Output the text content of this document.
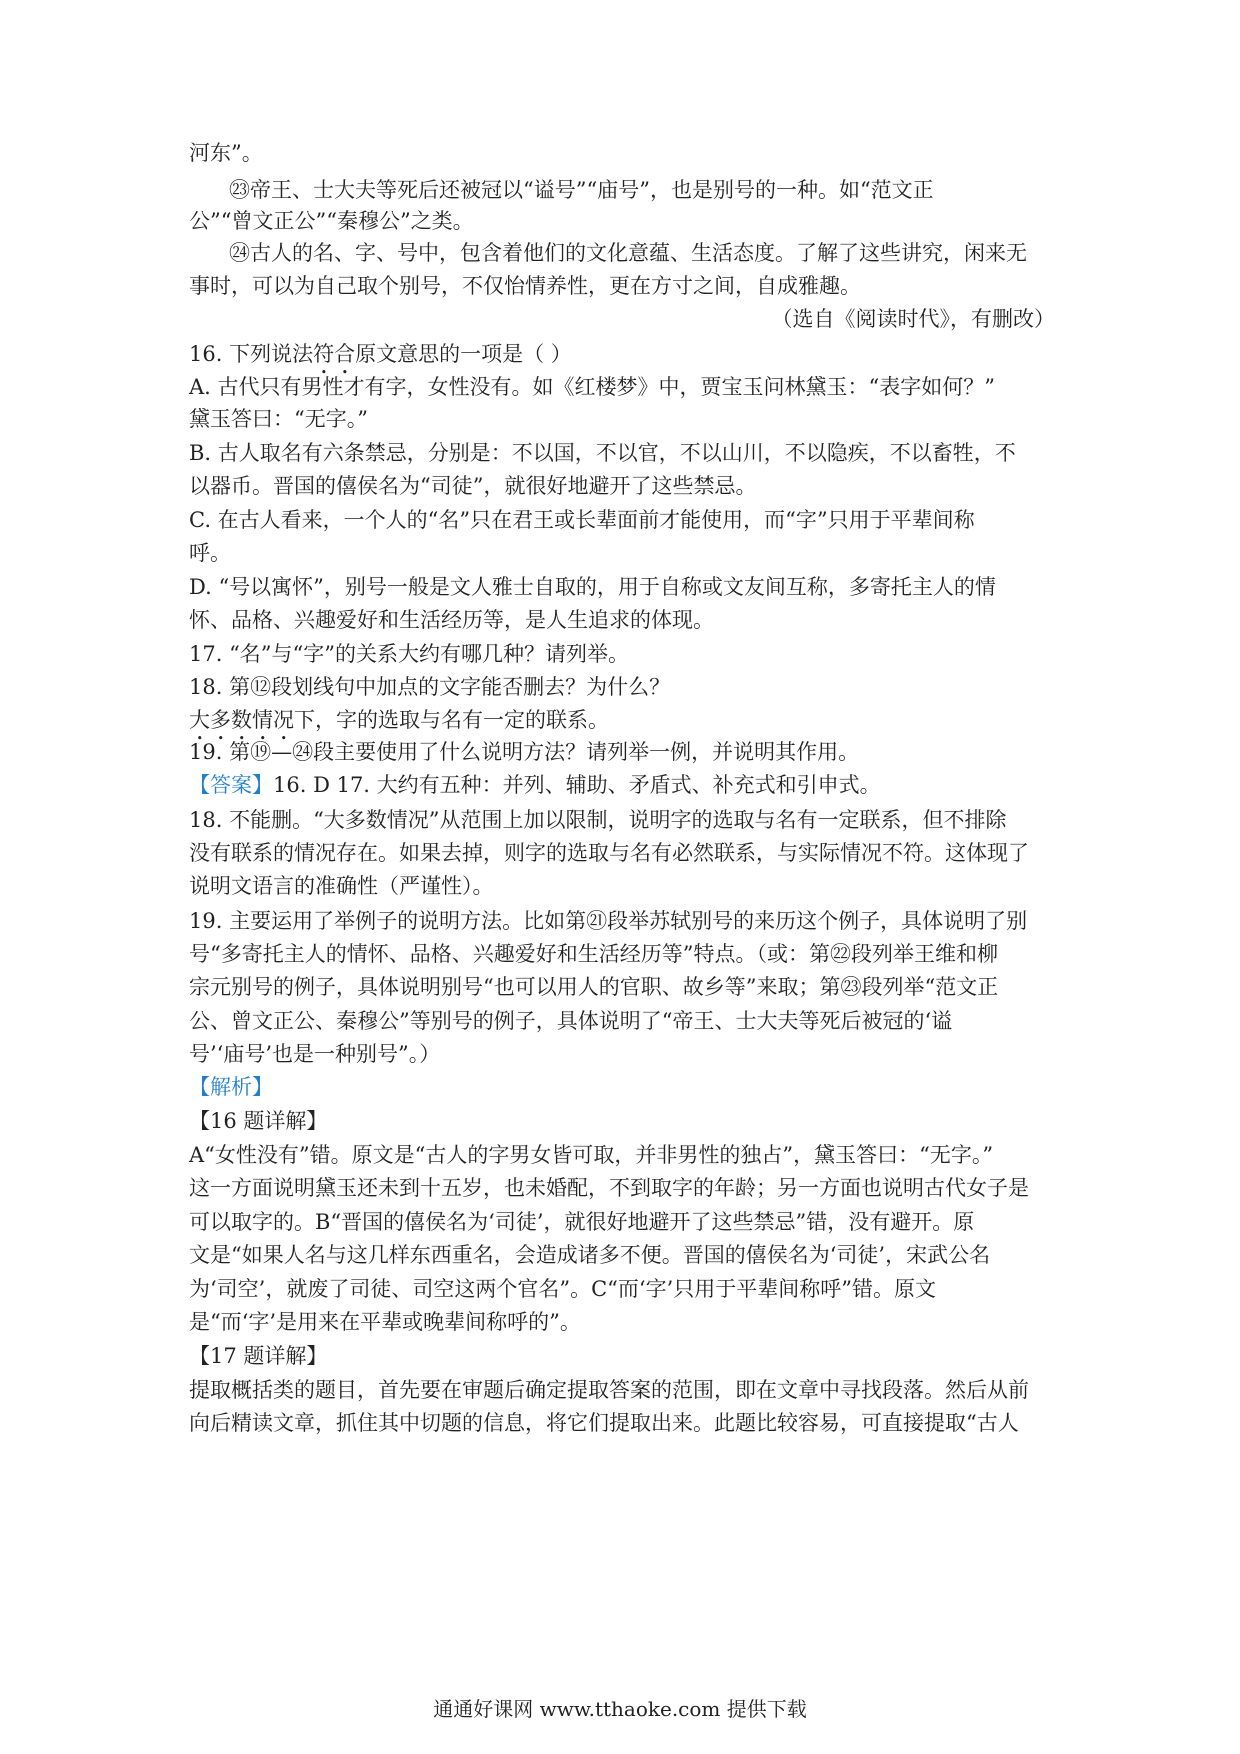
河东”。
㉓帝王、士大夫等死后还被冠以“谥号”“庙号”，也是别号的一种。如“范文正
公”“曾文正公”“秦穆公”之类。
㉔古人的名、字、号中，包含着他们的文化意蕴、生活态度。了解了这些讲究，闲来无
事时，可以为自己取个别号，不仅怡情养性，更在方寸之间，自成雅趣。
（选自《阅读时代》，有删改）
16. 下列说法符合原文意思的一项是（ ）
A. 古代只有男性才有字，女性没有。如《红楼梦》中，贾宝玉问林黛玉：“表字如何？”
黛玉答曰：“无字。”
B. 古人取名有六条禁忌，分别是：不以国，不以官，不以山川，不以隐疾，不以畜牲，不
以器币。晋国的僖侯名为“司徒”，就很好地避开了这些禁忌。
C. 在古人看来，一个人的“名”只在君王或长辈面前才能使用，而“字”只用于平辈间称
呼。
D. “号以寓怀”，别号一般是文人雅士自取的，用于自称或文友间互称，多寄托主人的情
怀、品格、兴趣爱好和生活经历等，是人生追求的体现。
17. “名”与“字”的关系大约有哪几种？请列举。
18. 第⑫段划线句中加点的文字能否删去？为什么？
大多数情况下，字的选取与名有一定的联系。
19. 第⑲—㉔段主要使用了什么说明方法？请列举一例，并说明其作用。
【答案】16. D 17. 大约有五种：并列、辅助、矛盾式、补充式和引申式。
18. 不能删。“大多数情况”从范围上加以限制，说明字的选取与名有一定联系，但不排除
没有联系的情况存在。如果去掉，则字的选取与名有必然联系，与实际情况不符。这体现了
说明文语言的准确性（严谨性）。
19. 主要运用了举例子的说明方法。比如第㉑段举苏轼别号的来历这个例子，具体说明了别
号“多寄托主人的情怀、品格、兴趣爱好和生活经历等”特点。（或：第㉒段列举王维和柳
宗元别号的例子，具体说明别号“也可以用人的官职、故乡等”来取；第㉓段列举“范文正
公、曾文正公、秦穆公”等别号的例子，具体说明了“帝王、士大夫等死后被冠的‘谥
号’‘庙号’也是一种别号”。）
【解析】
【16 题详解】
A“女性没有”错。原文是“古人的字男女皆可取，并非男性的独占”，黛玉答曰：“无字。”
这一方面说明黛玉还未到十五岁，也未婚配，不到取字的年龄；另一方面也说明古代女子是
可以取字的。B“晋国的僖侯名为‘司徒’，就很好地避开了这些禁忌”错，没有避开。原
文是“如果人名与这几样东西重名，会造成诸多不便。晋国的僖侯名为‘司徒’，宋武公名
为‘司空’，就废了司徒、司空这两个官名”。C“而‘字’只用于平辈间称呼”错。原文
是“而‘字’是用来在平辈或晚辈间称呼的”。
【17 题详解】
提取概括类的题目，首先要在审题后确定提取答案的范围，即在文章中寻找段落。然后从前
向后精读文章，抓住其中切题的信息，将它们提取出来。此题比较容易，可直接提取“古人
通通好课网 www.tthaoke.com 提供下载
